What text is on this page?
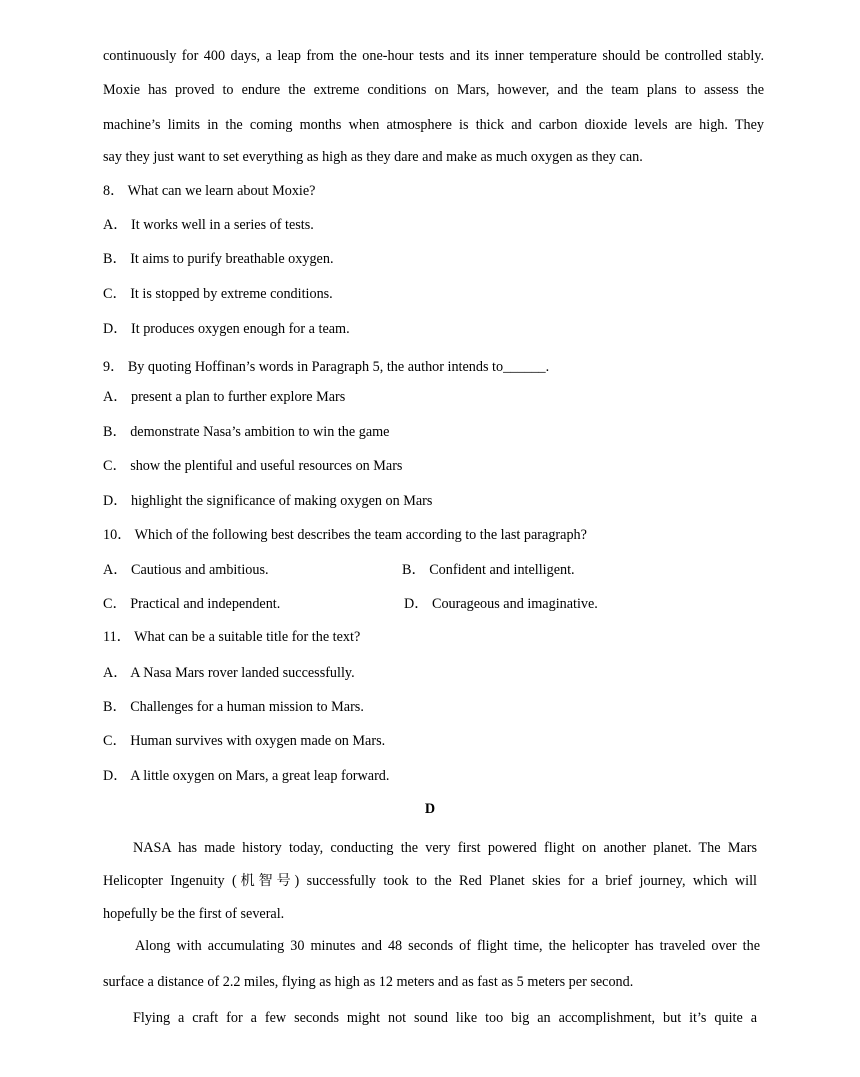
continuously for 400 days, a leap from the one-hour tests and its inner temperature should be controlled stably.
Moxie has proved to endure the extreme conditions on Mars, however, and the team plans to assess the
machine’s limits in the coming months when atmosphere is thick and carbon dioxide levels are high. They
say they just want to set everything as high as they dare and make as much oxygen as they can.
8． What can we learn about Moxie?
A． It works well in a series of tests.
B． It aims to purify breathable oxygen.
C． It is stopped by extreme conditions.
D． It produces oxygen enough for a team.
9． By quoting Hoffinan’s words in Paragraph 5, the author intends to______.
A． present a plan to further explore Mars
B． demonstrate Nasa’s ambition to win the game
C． show the plentiful and useful resources on Mars
D． highlight the significance of making oxygen on Mars
10． Which of the following best describes the team according to the last paragraph?
A． Cautious and ambitious.	B． Confident and intelligent.
C． Practical and independent.	D． Courageous and imaginative.
11． What can be a suitable title for the text?
A． A Nasa Mars rover landed successfully.
B． Challenges for a human mission to Mars.
C． Human survives with oxygen made on Mars.
D． A little oxygen on Mars, a great leap forward.
D
NASA has made history today, conducting the very first powered flight on another planet. The Mars
Helicopter Ingenuity (机智号) successfully took to the Red Planet skies for a brief journey, which will
hopefully be the first of several.
Along with accumulating 30 minutes and 48 seconds of flight time, the helicopter has traveled over the
surface a distance of 2.2 miles, flying as high as 12 meters and as fast as 5 meters per second.
Flying a craft for a few seconds might not sound like too big an accomplishment, but it’s quite a
